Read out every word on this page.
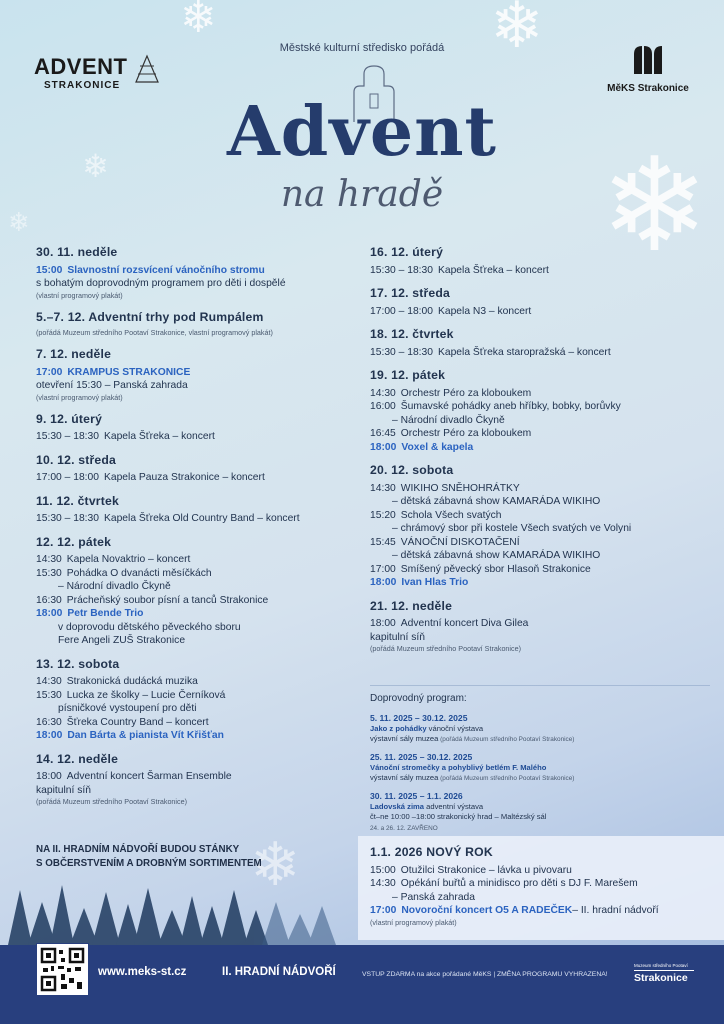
❄	❄
❄
❄
❄
❄
Městské kulturní středisko pořádá
ADVENT
STRAKONICE	MěKS Strakonice
Advent
na hradě
30. 11. neděle
15:00 Slavnostní rozsvícení vánočního stromu
s bohatým doprovodným programem pro děti i dospělé
(vlastní programový plakát)
5.–7. 12. Adventní trhy pod Rumpálem
(pořádá Muzeum středního Pootaví Strakonice, vlastní programový plakát)
7. 12. neděle
17:00 KRAMPUS STRAKONICE
otevření 15:30 – Panská zahrada
(vlastní programový plakát)
9. 12. úterý
15:30 – 18:30 Kapela Šťreka – koncert
10. 12. středa
17:00 – 18:00 Kapela Pauza Strakonice – koncert
11. 12. čtvrtek
15:30 – 18:30 Kapela Šťreka Old Country Band – koncert
12. 12. pátek
14:30 Kapela Novaktrio – koncert
15:30 Pohádka O dvanácti měsíčkách
– Národní divadlo Čkyně
16:30 Prácheňský soubor písní a tanců Strakonice
18:00 Petr Bende Trio
v doprovodu dětského pěveckého sboru
Fere Angeli ZUŠ Strakonice
13. 12. sobota
14:30 Strakonická dudácká muzika
15:30 Lucka ze školky – Lucie Černíková
písničkové vystoupení pro děti
16:30 Šťreka Country Band – koncert
18:00 Dan Bárta & pianista Vít Křišťan
14. 12. neděle
18:00 Adventní koncert Šarman Ensemble
kapitulní síň
(pořádá Muzeum středního Pootaví Strakonice)
16. 12. úterý
15:30 – 18:30 Kapela Šťreka – koncert
17. 12. středa
17:00 – 18:00 Kapela N3 – koncert
18. 12. čtvrtek
15:30 – 18:30 Kapela Šťreka staropražská – koncert
19. 12. pátek
14:30 Orchestr Péro za kloboukem
16:00 Šumavské pohádky aneb hříbky, bobky, borůvky
– Národní divadlo Čkyně
16:45 Orchestr Péro za kloboukem
18:00 Voxel & kapela
20. 12. sobota
14:30 WIKIHO SNĚHOHRÁTKY
– dětská zábavná show KAMARÁDA WIKIHO
15:20 Schola Všech svatých
– chrámový sbor při kostele Všech svatých ve Volyni
15:45 VÁNOČNÍ DISKOTAČENÍ
– dětská zábavná show KAMARÁDA WIKIHO
17:00 Smíšený pěvecký sbor Hlasoň Strakonice
18:00 Ivan Hlas Trio
21. 12. neděle
18:00 Adventní koncert Diva Gilea
kapitulní síň
(pořádá Muzeum středního Pootaví Strakonice)
Doprovodný program:
5. 11. 2025 – 30.12. 2025
Jako z pohádky vánoční výstava
výstavní sály muzea (pořádá Muzeum středního Pootaví Strakonice)
25. 11. 2025 – 30.12. 2025
Vánoční stromečky a pohyblivý betlém F. Malého
výstavní sály muzea (pořádá Muzeum středního Pootaví Strakonice)
30. 11. 2025 – 1.1. 2026
Ladovská zima adventní výstava
čt–ne 10:00 –18:00 strakonický hrad – Maltézský sál
24. a 26. 12. ZAVŘENO
1.1. 2026 NOVÝ ROK
15:00 Otužilci Strakonice – lávka u pivovaru
14:30 Opékání buřtů a minidisco pro děti s DJ F. Marešem
– Panská zahrada
17:00 Novoroční koncert O5 A RADEČEK – II. hradní nádvoří
(vlastní programový plakát)
NA II. HRADNÍM NÁDVOŘÍ BUDOU STÁNKY
S OBČERSTVENÍM A DROBNÝM SORTIMENTEM
www.meks-st.cz	II. HRADNÍ NÁDVOŘÍ	VSTUP ZDARMA na akce pořádané MěKS | ZMĚNA PROGRAMU VYHRAZENA!
Muzeum středního Pootaví
Strakonice
